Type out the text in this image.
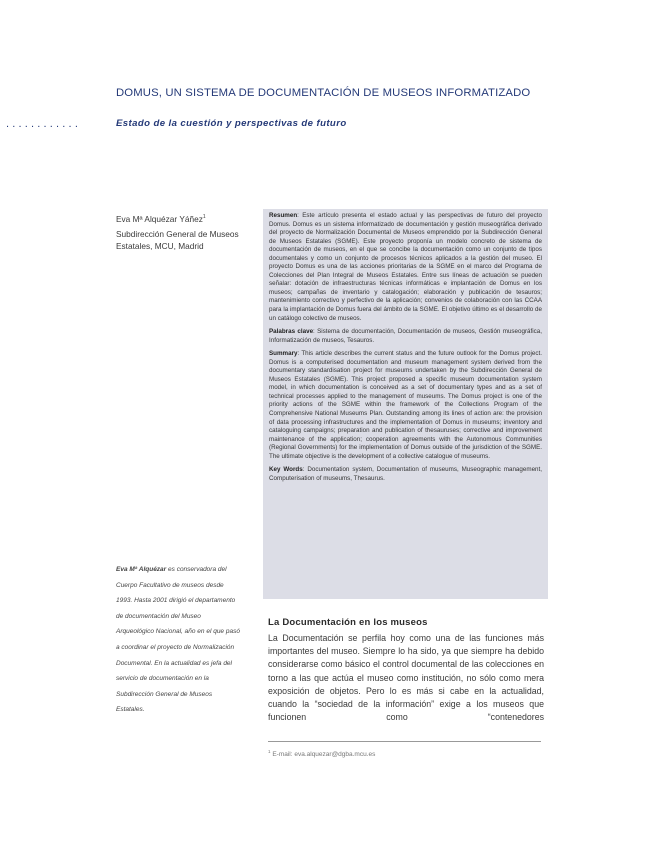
DOMUS, UN SISTEMA DE DOCUMENTACIÓN DE MUSEOS INFORMATIZADO
............	Estado de la cuestión y perspectivas de futuro
Eva Mª Alquézar Yáñez$^1$
Subdirección General de Museos Estatales, MCU, Madrid
Eva Mª Alquézar es conservadora del Cuerpo Facultativo de museos desde 1993. Hasta 2001 dirigió el departamento de documentación del Museo Arqueológico Nacional, año en el que pasó a coordinar el proyecto de Normalización Documental. En la actualidad es jefa del servicio de documentación en la Subdirección General de Museos Estatales.

Resumen: Este artículo presenta el estado actual y las perspectivas de futuro del proyecto Domus. Domus es un sistema informatizado de documentación y gestión museográfica derivado del proyecto de Normalización Documental de Museos emprendido por la Subdirección General de Museos Estatales (SGME). Este proyecto proponía un modelo concreto de sistema de documentación de museos, en el que se concibe la documentación como un conjunto de tipos documentales y como un conjunto de procesos técnicos aplicados a la gestión del museo. El proyecto Domus es una de las acciones prioritarias de la SGME en el marco del Programa de Colecciones del Plan Integral de Museos Estatales. Entre sus líneas de actuación se pueden señalar: dotación de infraestructuras técnicas informáticas e implantación de Domus en los museos; campañas de inventario y catalogación; elaboración y publicación de tesauros; mantenimiento correctivo y perfectivo de la aplicación; convenios de colaboración con las CCAA para la implantación de Domus fuera del ámbito de la SGME. El objetivo último es el desarrollo de un catálogo colectivo de museos.

Palabras clave: Sistema de documentación, Documentación de museos, Gestión museográfica, Informatización de museos, Tesauros.

Summary: This article describes the current status and the future outlook for the Domus project. Domus is a computerised documentation and museum management system derived from the documentary standardisation project for museums undertaken by the Subdirección General de Museos Estatales (SGME). This project proposed a specific museum documentation system model, in which documentation is conceived as a set of documentary types and as a set of technical processes applied to the management of museums. The Domus project is one of the priority actions of the SGME within the framework of the Collections Program of the Comprehensive National Museums Plan. Outstanding among its lines of action are: the provision of data processing infrastructures and the implementation of Domus in museums; inventory and cataloguing campaigns; preparation and publication of thesauruses; corrective and improvement maintenance of the application; cooperation agreements with the Autonomous Communities (Regional Governments) for the implementation of Domus outside of the jurisdiction of the SGME. The ultimate objective is the development of a collective catalogue of museums.

Key Words: Documentation system, Documentation of museums, Museographic management, Computerisation of museums, Thesaurus.

La Documentación en los museos

La Documentación se perfila hoy como una de las funciones más importantes del museo. Siempre lo ha sido, ya que siempre ha debido considerarse como básico el control documental de las colecciones en torno a las que actúa el museo como institución, no sólo como mera exposición de objetos. Pero lo es más si cabe en la actualidad, cuando la “sociedad de la información” exige a los museos que funcionen como “contenedores

$^1$ E-mail: eva.alquezar@dgba.mcu.es
